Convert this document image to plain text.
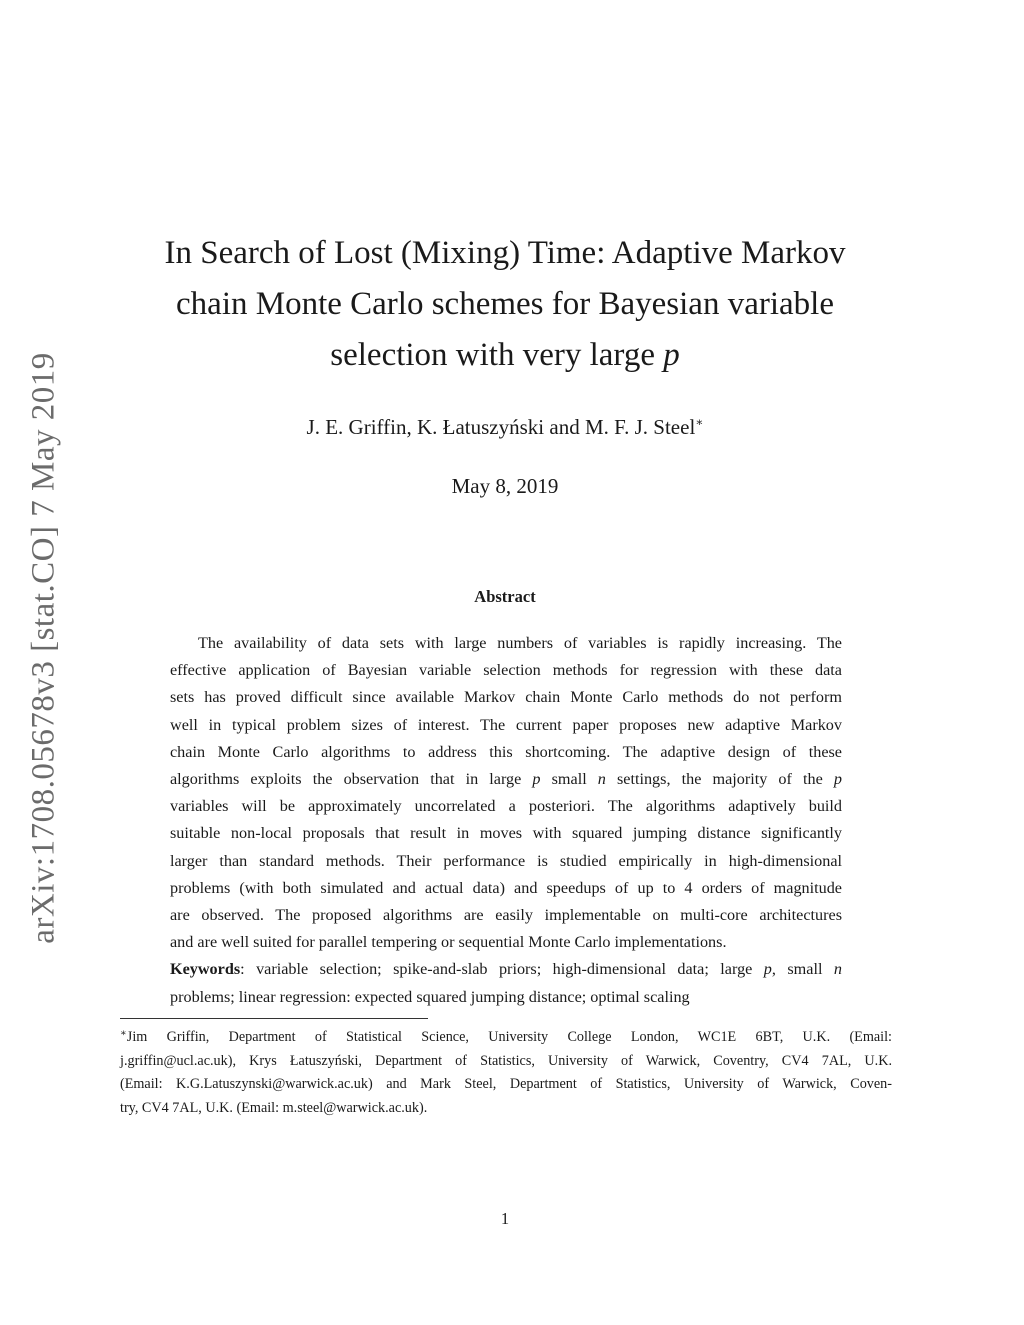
arXiv:1708.05678v3 [stat.CO] 7 May 2019
In Search of Lost (Mixing) Time: Adaptive Markov
chain Monte Carlo schemes for Bayesian variable
selection with very large p
J. E. Griffin, K. Łatuszyński and M. F. J. Steel∗
May 8, 2019
Abstract
The availability of data sets with large numbers of variables is rapidly increasing. The
effective application of Bayesian variable selection methods for regression with these data
sets has proved difficult since available Markov chain Monte Carlo methods do not perform
well in typical problem sizes of interest. The current paper proposes new adaptive Markov
chain Monte Carlo algorithms to address this shortcoming. The adaptive design of these
algorithms exploits the observation that in large p small n settings, the majority of the p
variables will be approximately uncorrelated a posteriori. The algorithms adaptively build
suitable non-local proposals that result in moves with squared jumping distance significantly
larger than standard methods. Their performance is studied empirically in high-dimensional
problems (with both simulated and actual data) and speedups of up to 4 orders of magnitude
are observed. The proposed algorithms are easily implementable on multi-core architectures
and are well suited for parallel tempering or sequential Monte Carlo implementations.
Keywords: variable selection; spike-and-slab priors; high-dimensional data; large p, small n
problems; linear regression: expected squared jumping distance; optimal scaling
∗Jim Griffin, Department of Statistical Science, University College London, WC1E 6BT, U.K. (Email:
j.griffin@ucl.ac.uk), Krys Łatuszyński, Department of Statistics, University of Warwick, Coventry, CV4 7AL, U.K.
(Email: K.G.Latuszynski@warwick.ac.uk) and Mark Steel, Department of Statistics, University of Warwick, Coven-
try, CV4 7AL, U.K. (Email: m.steel@warwick.ac.uk).
1
